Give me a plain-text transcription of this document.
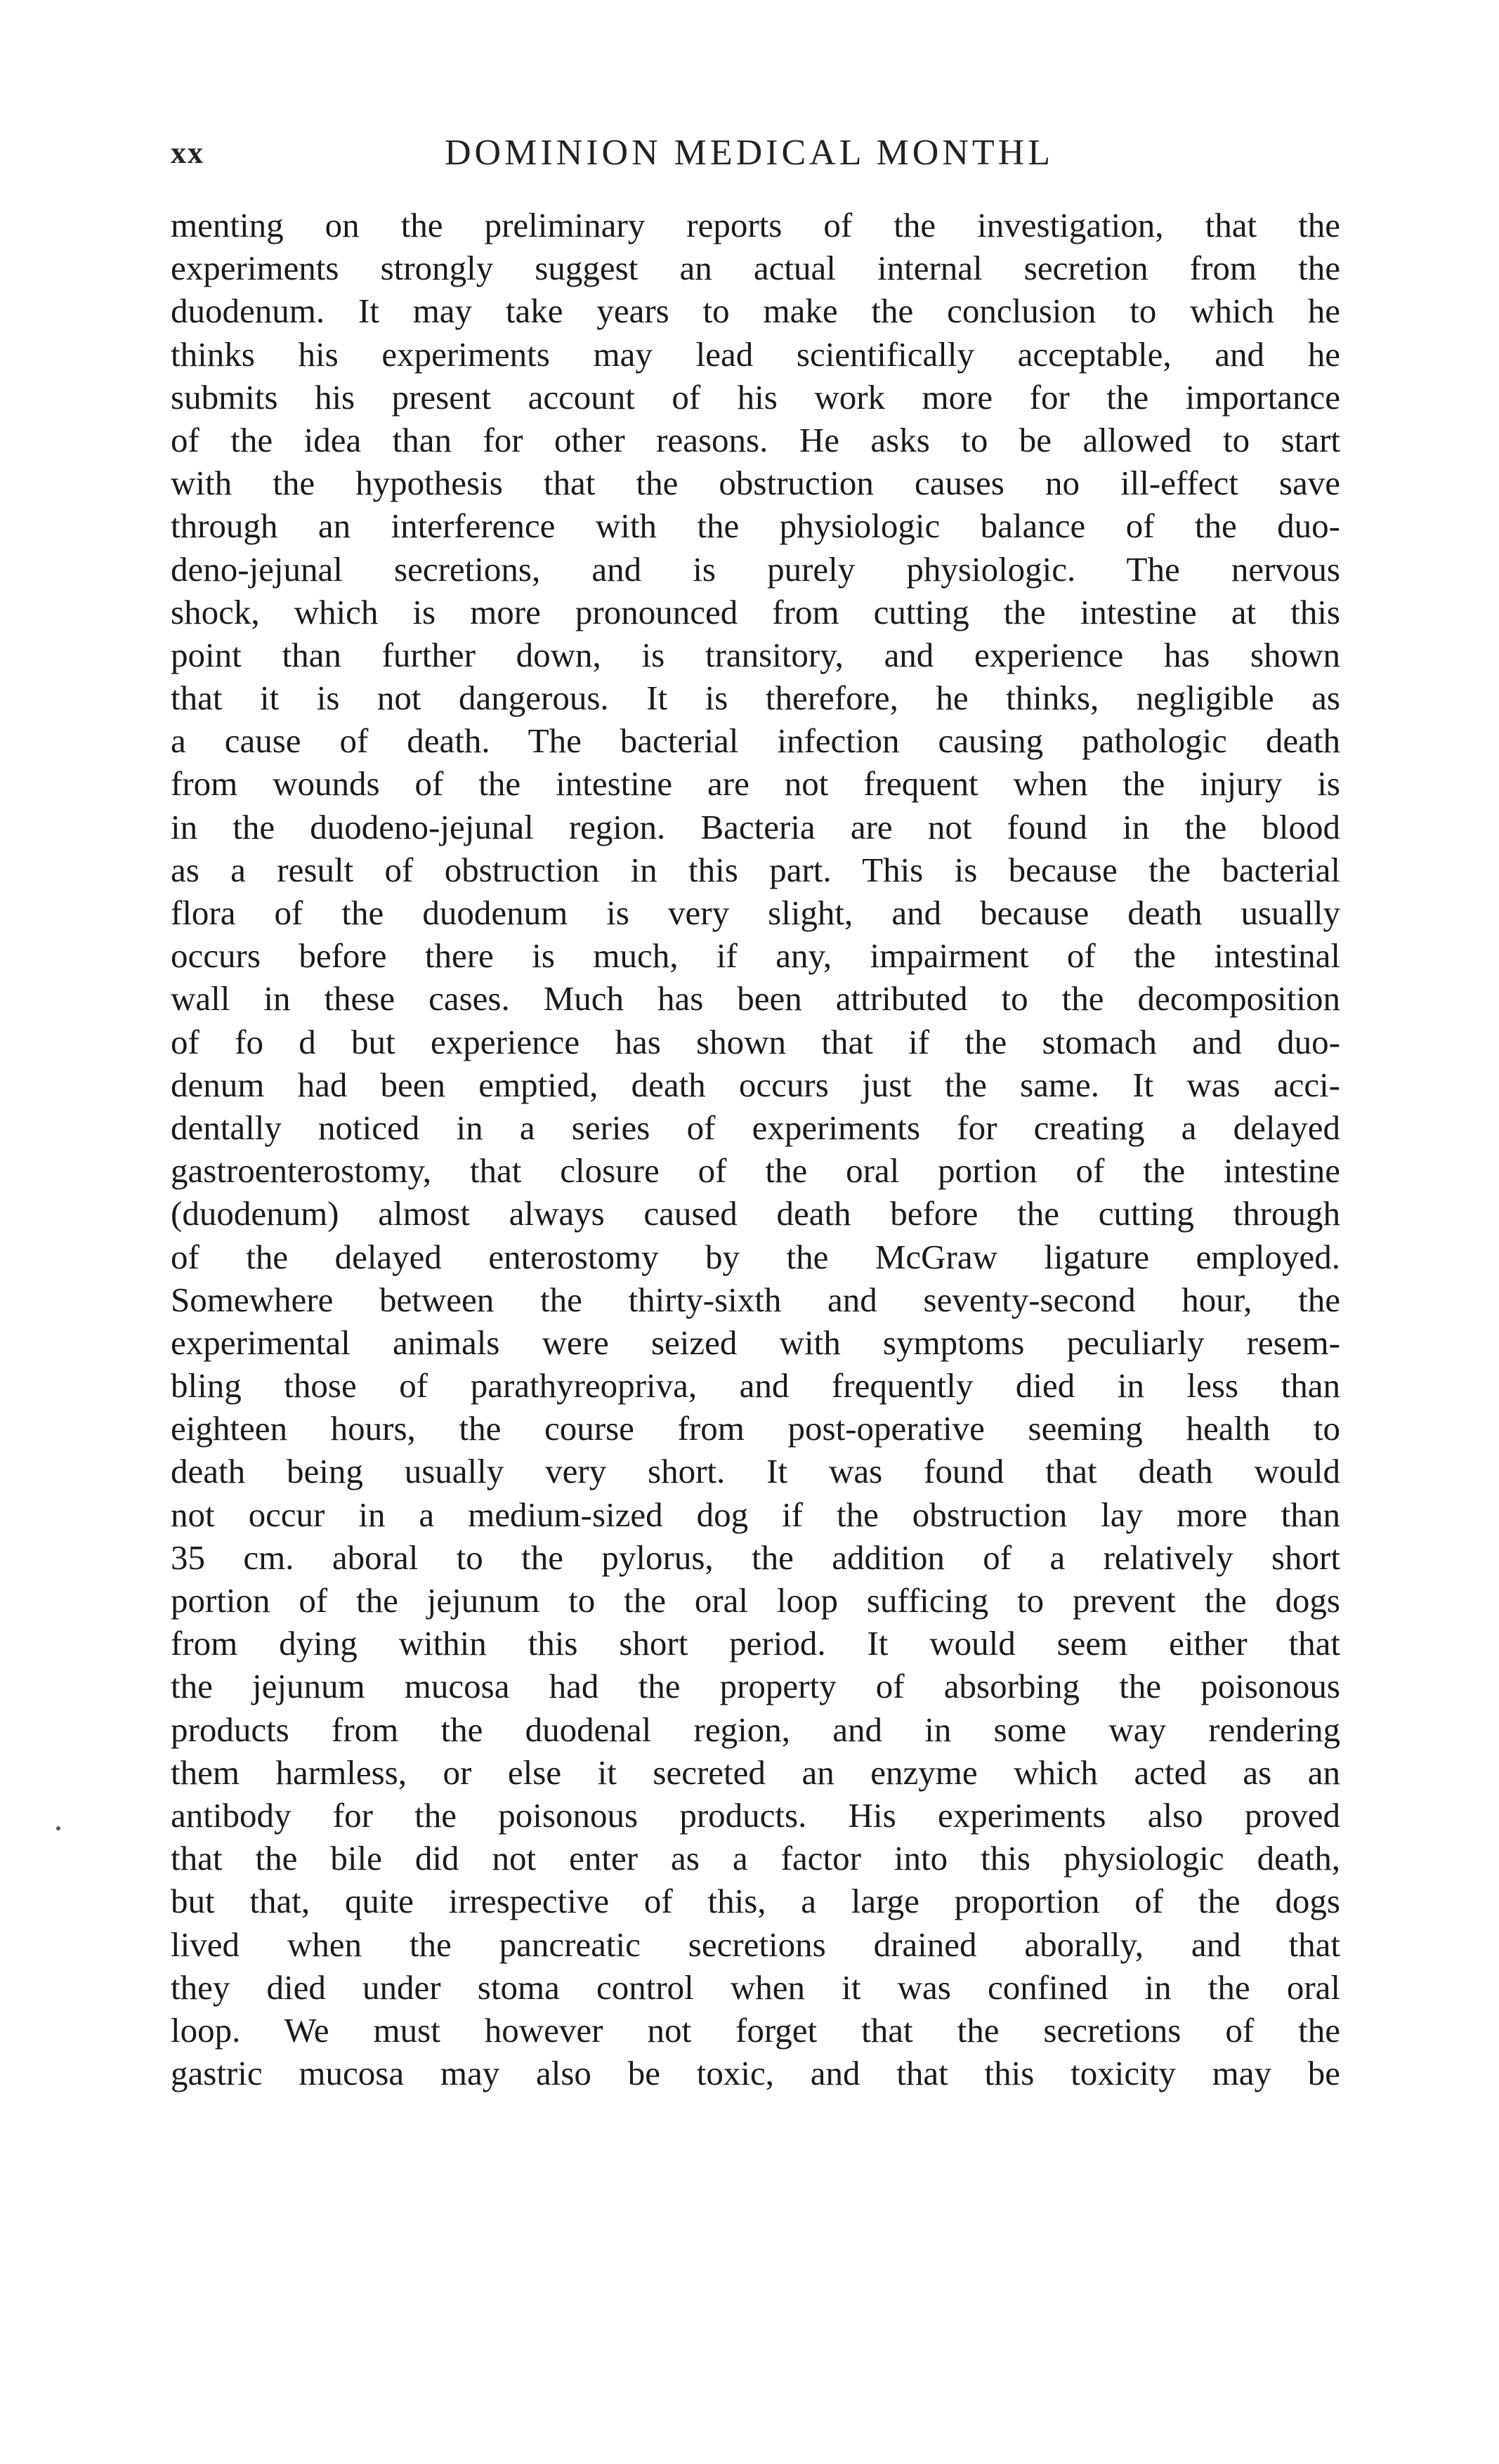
xx	DOMINION MEDICAL MONTHL
menting on the preliminary reports of the investigation, that the
experiments strongly suggest an actual internal secretion from the
duodenum. It may take years to make the conclusion to which he
thinks his experiments may lead scientifically acceptable, and he
submits his present account of his work more for the importance
of the idea than for other reasons. He asks to be allowed to start
with the hypothesis that the obstruction causes no ill-effect save
through an interference with the physiologic balance of the duo-
deno-jejunal secretions, and is purely physiologic. The nervous
shock, which is more pronounced from cutting the intestine at this
point than further down, is transitory, and experience has shown
that it is not dangerous. It is therefore, he thinks, negligible as
a cause of death. The bacterial infection causing pathologic death
from wounds of the intestine are not frequent when the injury is
in the duodeno-jejunal region. Bacteria are not found in the blood
as a result of obstruction in this part. This is because the bacterial
flora of the duodenum is very slight, and because death usually
occurs before there is much, if any, impairment of the intestinal
wall in these cases. Much has been attributed to the decomposition
of fo d but experience has shown that if the stomach and duo-
denum had been emptied, death occurs just the same. It was acci-
dentally noticed in a series of experiments for creating a delayed
gastroenterostomy, that closure of the oral portion of the intestine
(duodenum) almost always caused death before the cutting through
of the delayed enterostomy by the McGraw ligature employed.
Somewhere between the thirty-sixth and seventy-second hour, the
experimental animals were seized with symptoms peculiarly resem-
bling those of parathyreopriva, and frequently died in less than
eighteen hours, the course from post-operative seeming health to
death being usually very short. It was found that death would
not occur in a medium-sized dog if the obstruction lay more than
35 cm. aboral to the pylorus, the addition of a relatively short
portion of the jejunum to the oral loop sufficing to prevent the dogs
from dying within this short period. It would seem either that
the jejunum mucosa had the property of absorbing the poisonous
products from the duodenal region, and in some way rendering
them harmless, or else it secreted an enzyme which acted as an
antibody for the poisonous products. His experiments also proved
that the bile did not enter as a factor into this physiologic death,
but that, quite irrespective of this, a large proportion of the dogs
lived when the pancreatic secretions drained aborally, and that
they died under stoma control when it was confined in the oral
loop. We must however not forget that the secretions of the
gastric mucosa may also be toxic, and that this toxicity may be
